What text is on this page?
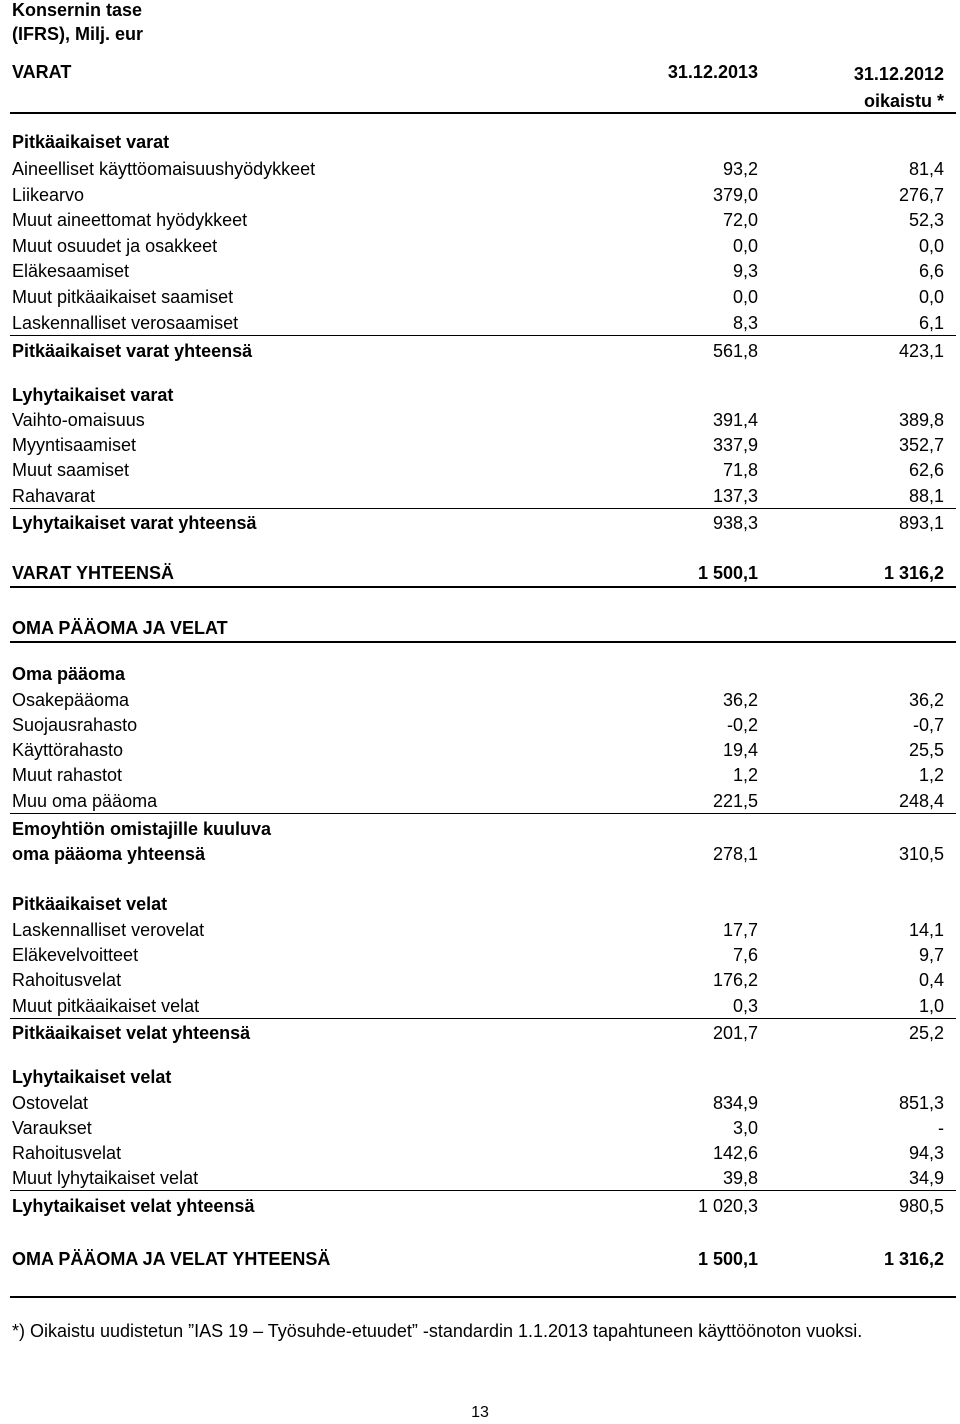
Konsernin tase
(IFRS), Milj. eur
VARAT	31.12.2013	31.12.2012
oikaistu *
Pitkäaikaiset varat
Aineelliset käyttöomaisuushyödykkeet	93,2	81,4
Liikearvo	379,0	276,7
Muut aineettomat hyödykkeet	72,0	52,3
Muut osuudet ja osakkeet	0,0	0,0
Eläkesaamiset	9,3	6,6
Muut pitkäaikaiset saamiset	0,0	0,0
Laskennalliset verosaamiset	8,3	6,1
Pitkäaikaiset varat yhteensä	561,8	423,1
Lyhytaikaiset varat
Vaihto-omaisuus	391,4	389,8
Myyntisaamiset	337,9	352,7
Muut saamiset	71,8	62,6
Rahavarat	137,3	88,1
Lyhytaikaiset varat yhteensä	938,3	893,1
VARAT YHTEENSÄ	1 500,1	1 316,2
OMA PÄÄOMA JA VELAT
Oma pääoma
Osakepääoma	36,2	36,2
Suojausrahasto	-0,2	-0,7
Käyttörahasto	19,4	25,5
Muut rahastot	1,2	1,2
Muu oma pääoma	221,5	248,4
Emoyhtiön omistajille kuuluva
oma pääoma yhteensä	278,1	310,5
Pitkäaikaiset velat
Laskennalliset verovelat	17,7	14,1
Eläkevelvoitteet	7,6	9,7
Rahoitusvelat	176,2	0,4
Muut pitkäaikaiset velat	0,3	1,0
Pitkäaikaiset velat yhteensä	201,7	25,2
Lyhytaikaiset velat
Ostovelat	834,9	851,3
Varaukset	3,0	-
Rahoitusvelat	142,6	94,3
Muut lyhytaikaiset velat	39,8	34,9
Lyhytaikaiset velat yhteensä	1 020,3	980,5
OMA PÄÄOMA JA VELAT YHTEENSÄ	1 500,1	1 316,2
*) Oikaistu uudistetun ”IAS 19 – Työsuhde-etuudet” -standardin 1.1.2013 tapahtuneen käyttöönoton vuoksi.
13
